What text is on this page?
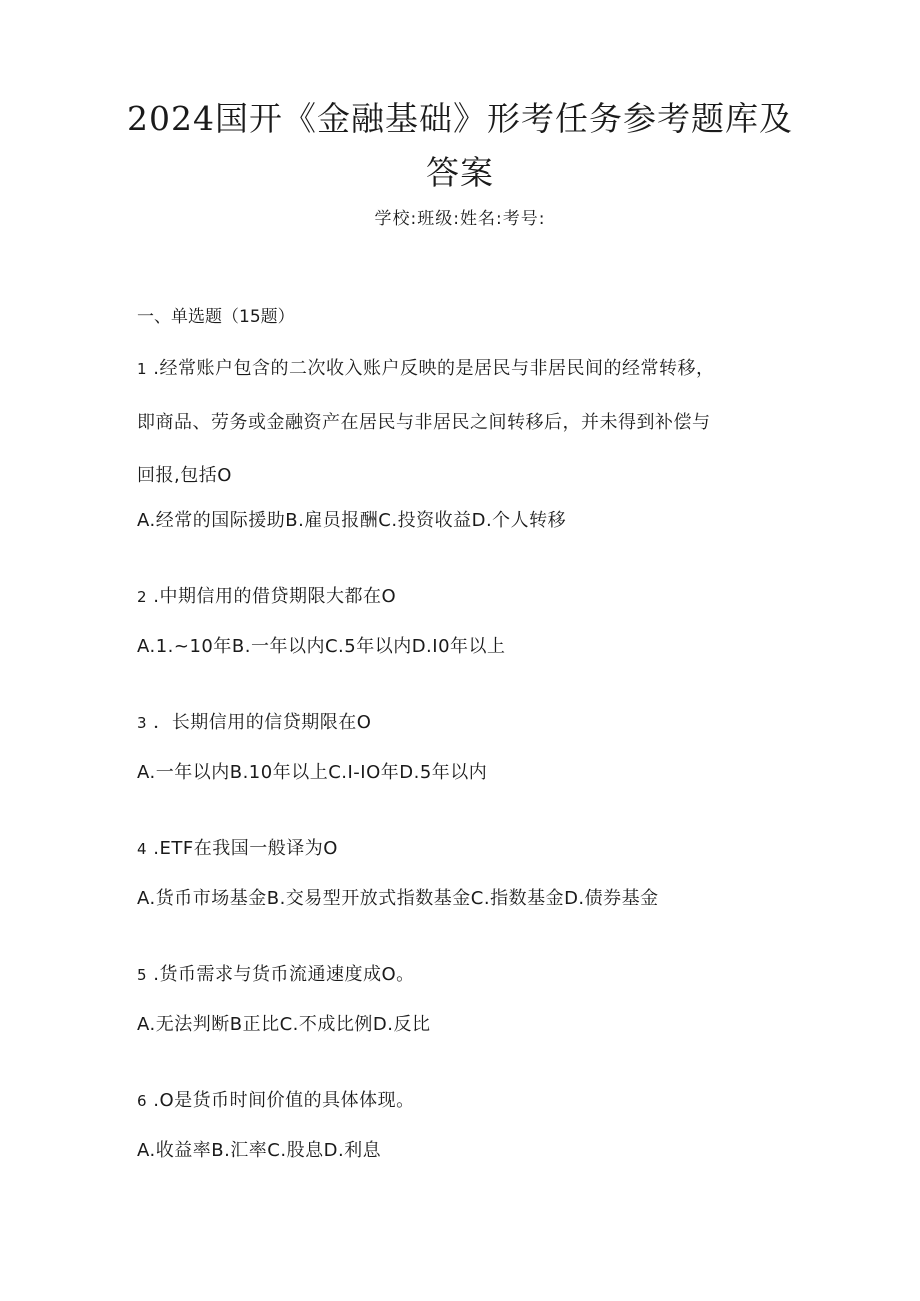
2024国开《金融基础》形考任务参考题库及
答案
学校:班级:姓名:考号:
一、单选题（15题）
1 .经常账户包含的二次收入账户反映的是居民与非居民间的经常转移，
即商品、劳务或金融资产在居民与非居民之间转移后，并未得到补偿与
回报,包括O
A.经常的国际援助B.雇员报酬C.投资收益D.个人转移
2 .中期信用的借贷期限大都在O
A.1.~10年B.一年以内C.5年以内D.I0年以上
3 ．长期信用的信贷期限在O
A.一年以内B.10年以上C.I-IO年D.5年以内
4 .ETF在我国一般译为O
A.货币市场基金B.交易型开放式指数基金C.指数基金D.债券基金
5 .货币需求与货币流通速度成O。
A.无法判断B正比C.不成比例D.反比
6 .O是货币时间价值的具体体现。
A.收益率B.汇率C.股息D.利息
